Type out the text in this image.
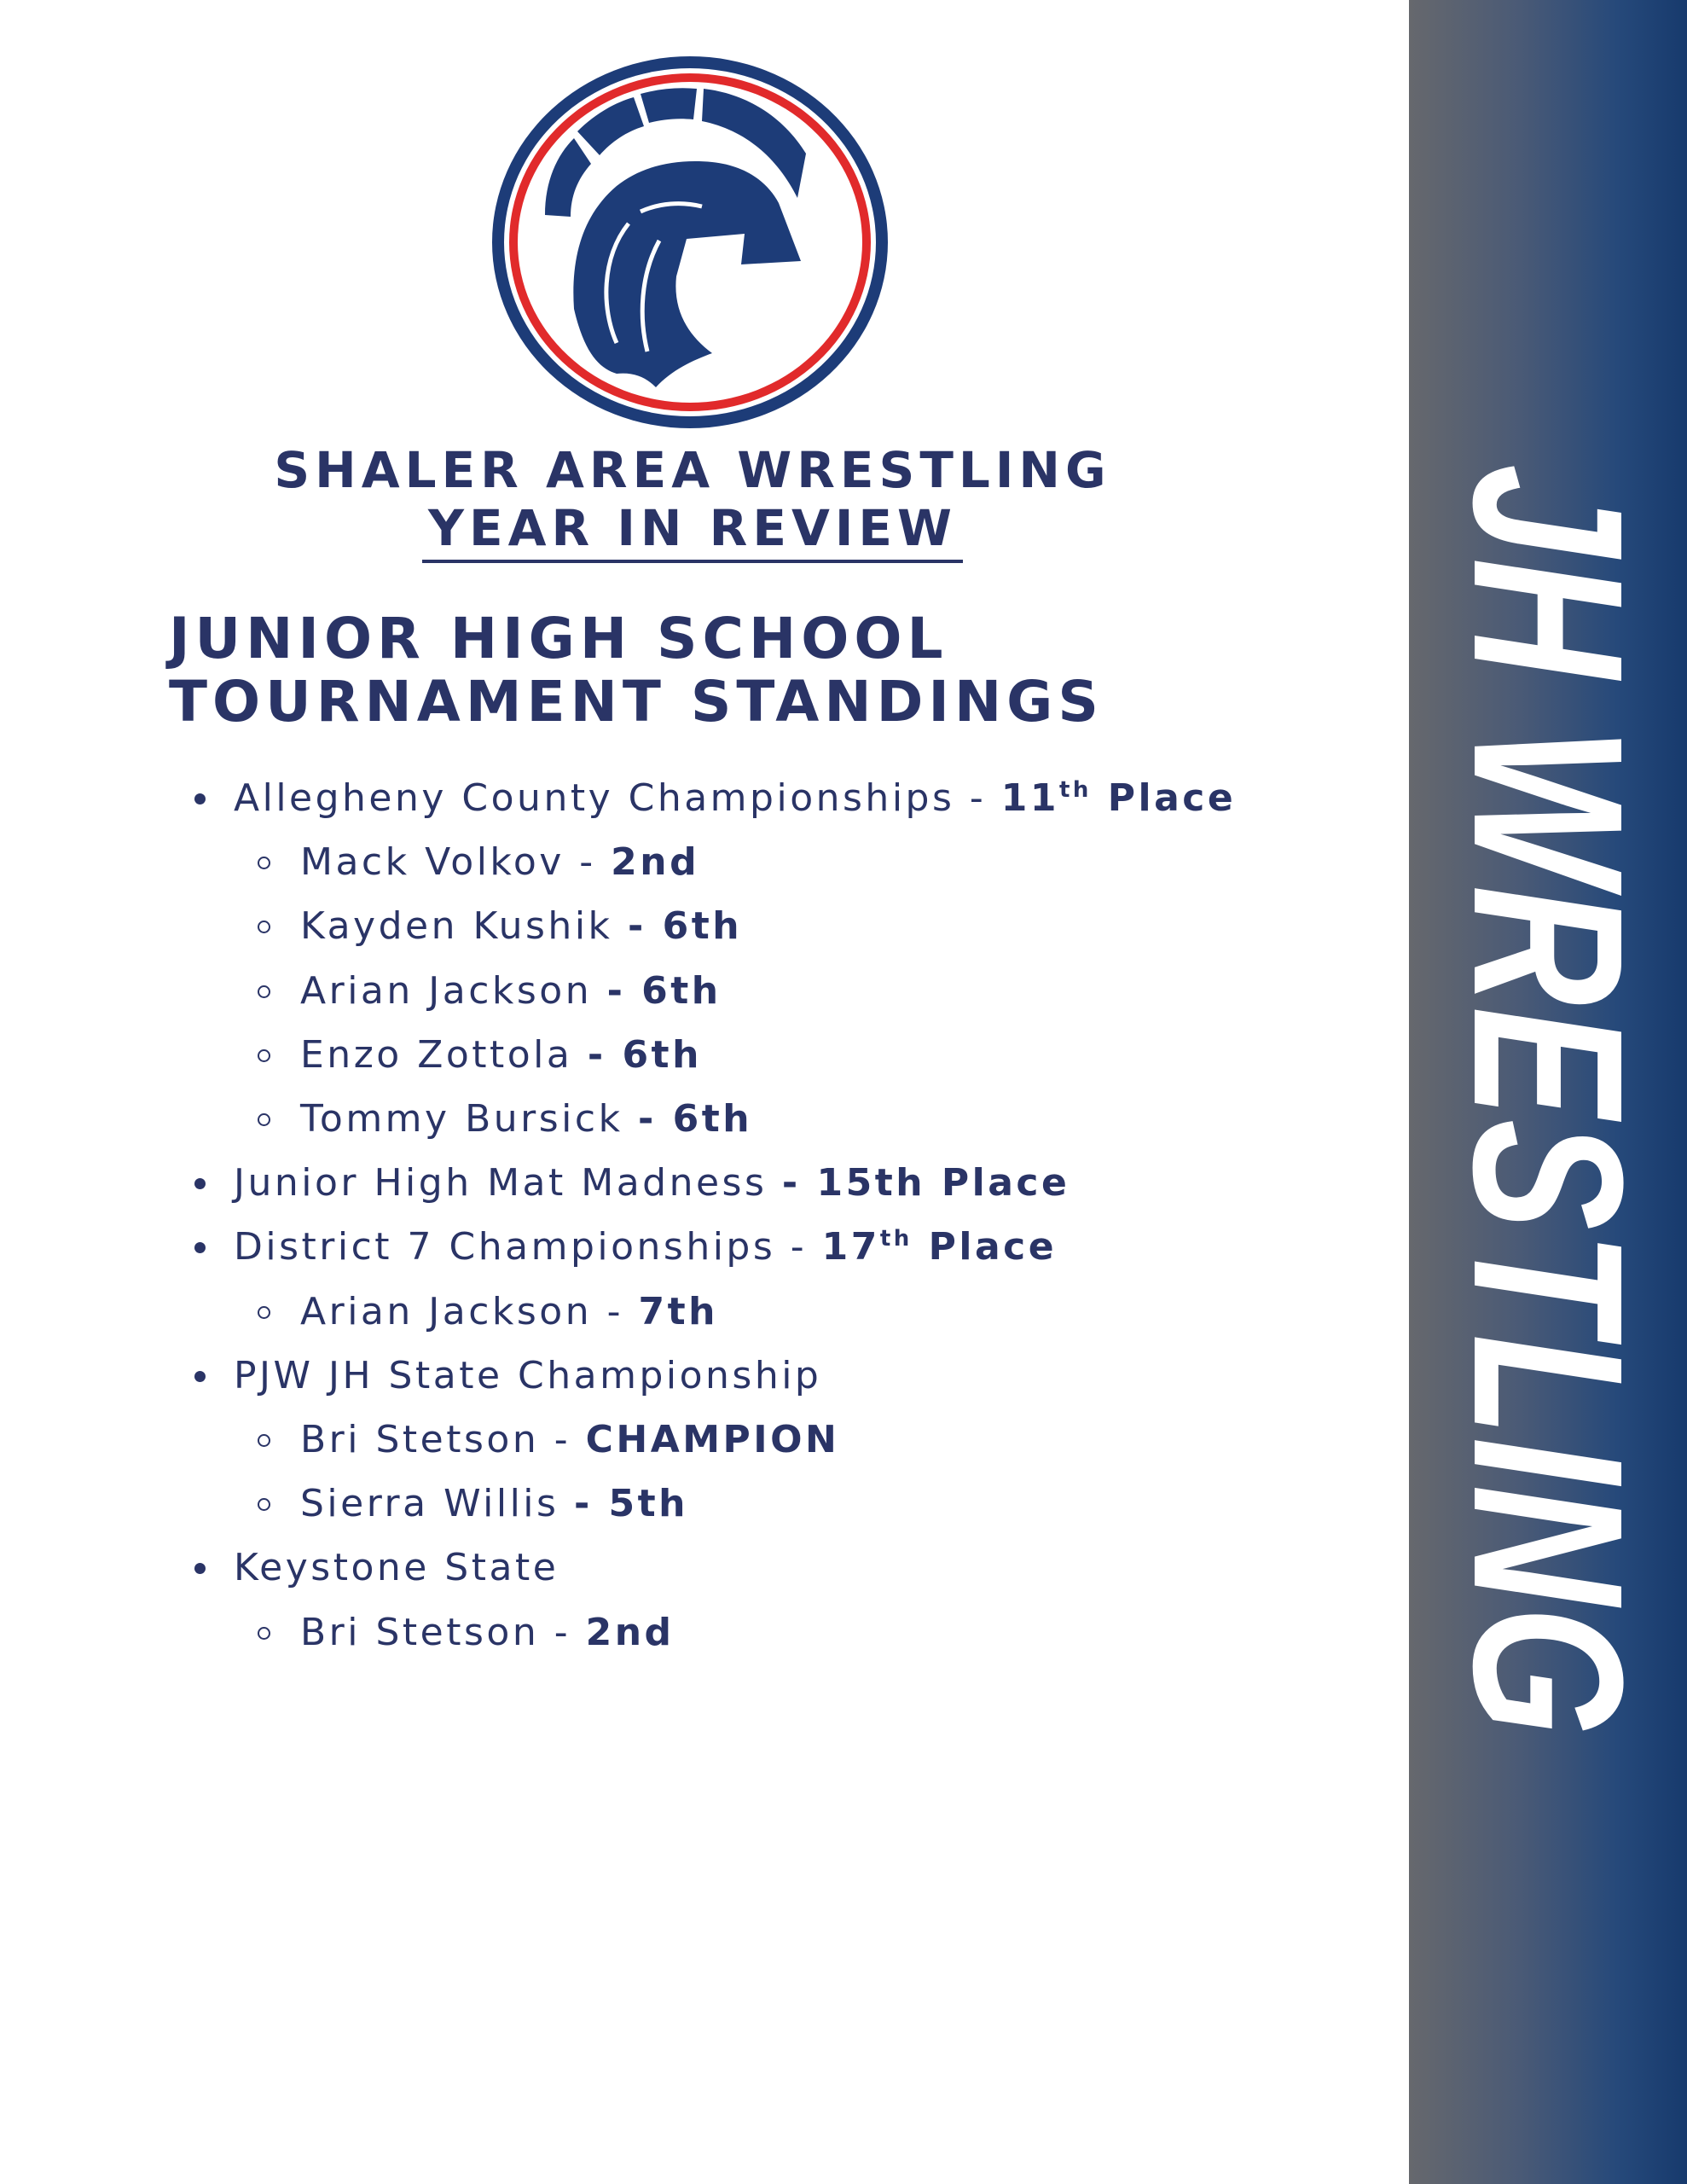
SHALER AREA WRESTLING
YEAR IN REVIEW
JUNIOR HIGH SCHOOL
TOURNAMENT STANDINGS
Allegheny County Championships - 11th Place
Mack Volkov - 2nd
Kayden Kushik - 6th
Arian Jackson - 6th
Enzo Zottola - 6th
Tommy Bursick - 6th
Junior High Mat Madness - 15th Place
District 7 Championships - 17th Place
Arian Jackson - 7th
PJW JH State Championship
Bri Stetson - CHAMPION
Sierra Willis - 5th
Keystone State
Bri Stetson - 2nd	JH WRESTLING
